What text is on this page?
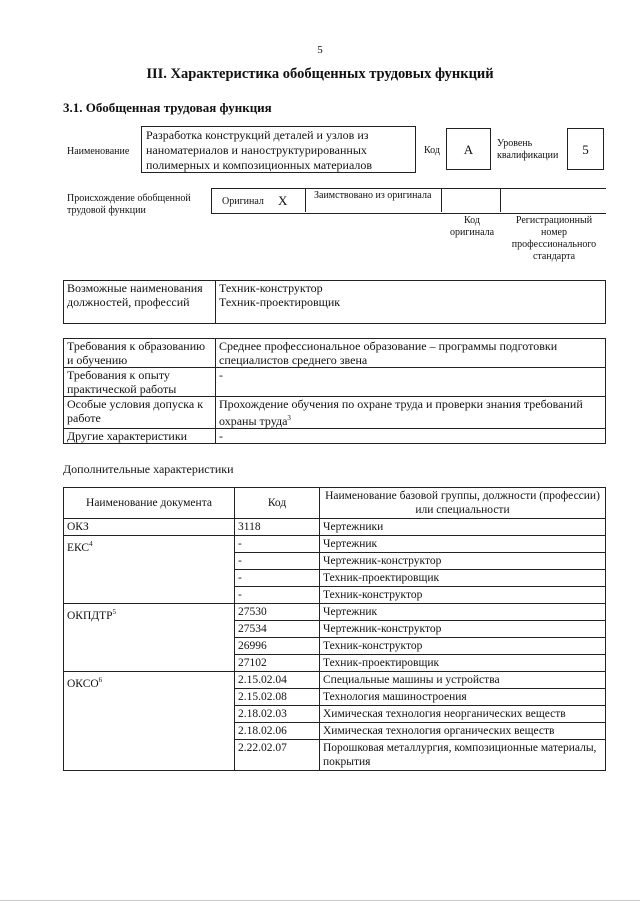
5
III. Характеристика обобщенных трудовых функций
3.1. Обобщенная трудовая функция
Наименование
Разработка конструкций деталей и узлов из наноматериалов и наноструктурированных полимерных и композиционных материалов
Код	A	Уровень квалификации	5
Происхождение обобщенной трудовой функции
Оригинал X	Заимствовано из оригинала
Код оригинала
Регистрационный номер профессионального стандарта
Возможные наименования должностей, профессий	
Техник-конструктор
Техник-проектировщик
Требования к образованию и обучению	Среднее профессиональное образование – программы подготовки специалистов среднего звена
Требования к опыту практической работы	-
Особые условия допуска к работе	Прохождение обучения по охране труда и проверки знания требований охраны труда$^3$
Другие характеристики	-
Дополнительные характеристики
Наименование документа	Код	Наименование базовой группы, должности (профессии) или специальности
ОКЗ	3118	Чертежники
ЕКС$^4$	-	Чертежник
	-	Чертежник-конструктор
	-	Техник-проектировщик
	-	Техник-конструктор
ОКПДТР$^5$	27530	Чертежник
	27534	Чертежник-конструктор
	26996	Техник-конструктор
	27102	Техник-проектировщик
ОКСО$^6$	2.15.02.04	Специальные машины и устройства
	2.15.02.08	Технология машиностроения
	2.18.02.03	Химическая технология неорганических веществ
	2.18.02.06	Химическая технология органических веществ
	2.22.02.07	Порошковая металлургия, композиционные материалы, покрытия
